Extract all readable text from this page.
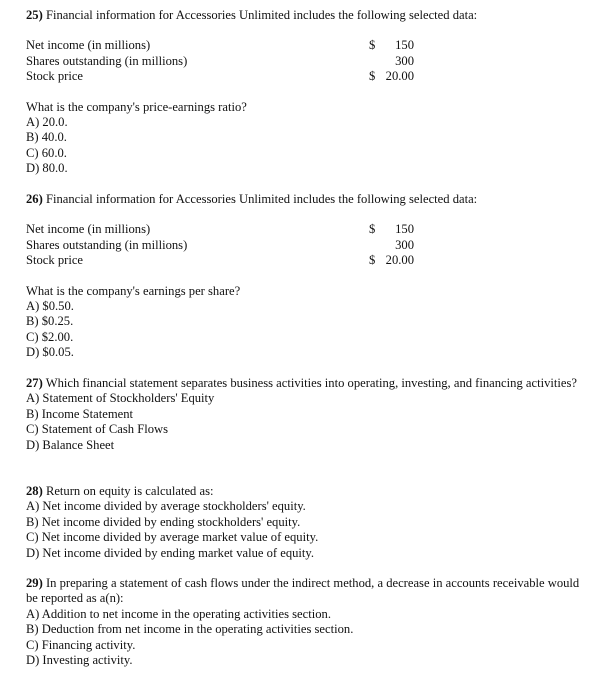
25) Financial information for Accessories Unlimited includes the following selected data:
Net income (in millions)	$ 150
Shares outstanding (in millions)	300
Stock price	$ 20.00
What is the company's price-earnings ratio?
A) 20.0.
B) 40.0.
C) 60.0.
D) 80.0.
26) Financial information for Accessories Unlimited includes the following selected data:
Net income (in millions)	$ 150
Shares outstanding (in millions)	300
Stock price	$ 20.00
What is the company's earnings per share?
A) $0.50.
B) $0.25.
C) $2.00.
D) $0.05.
27) Which financial statement separates business activities into operating, investing, and financing activities?
A) Statement of Stockholders' Equity
B) Income Statement
C) Statement of Cash Flows
D) Balance Sheet
28) Return on equity is calculated as:
A) Net income divided by average stockholders' equity.
B) Net income divided by ending stockholders' equity.
C) Net income divided by average market value of equity.
D) Net income divided by ending market value of equity.
29) In preparing a statement of cash flows under the indirect method, a decrease in accounts receivable would be reported as a(n):
A) Addition to net income in the operating activities section.
B) Deduction from net income in the operating activities section.
C) Financing activity.
D) Investing activity.
